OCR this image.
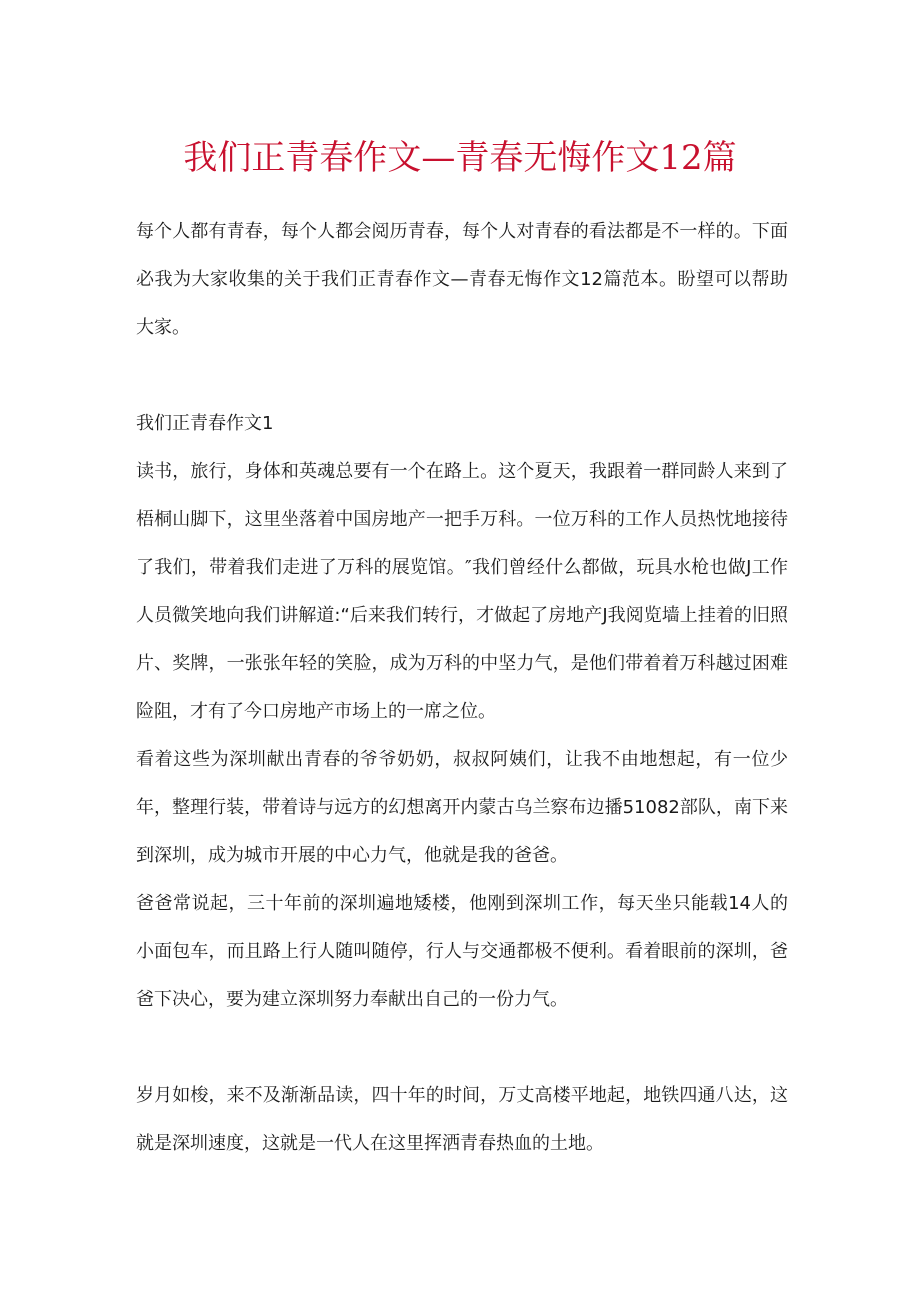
我们正青春作文—青春无悔作文12篇

每个人都有青春，每个人都会阅历青春，每个人对青春的看法都是不一样的。下面必我为大家收集的关于我们正青春作文—青春无悔作文12篇范本。盼望可以帮助大家。

我们正青春作文1

读书，旅行，身体和英魂总要有一个在路上。这个夏天，我跟着一群同龄人来到了梧桐山脚下，这里坐落着中国房地产一把手万科。一位万科的工作人员热忱地接待了我们，带着我们走进了万科的展览馆。″我们曾经什么都做，玩具水枪也做J工作人员微笑地向我们讲解道:“后来我们转行，才做起了房地产J我阅览墙上挂着的旧照片、奖牌，一张张年轻的笑脸，成为万科的中坚力气，是他们带着着万科越过困难险阻，才有了今口房地产市场上的一席之位。

看着这些为深圳献出青春的爷爷奶奶，叔叔阿姨们，让我不由地想起，有一位少年，整理行装，带着诗与远方的幻想离开内蒙古乌兰察布边播51082部队，南下来到深圳，成为城市开展的中心力气，他就是我的爸爸。

爸爸常说起，三十年前的深圳遍地矮楼，他刚到深圳工作，每天坐只能载14人的小面包车，而且路上行人随叫随停，行人与交通都极不便利。看着眼前的深圳，爸爸下决心，要为建立深圳努力奉献出自己的一份力气。

岁月如梭，来不及渐渐品读，四十年的时间，万丈高楼平地起，地铁四通八达，这就是深圳速度，这就是一代人在这里挥洒青春热血的土地。
